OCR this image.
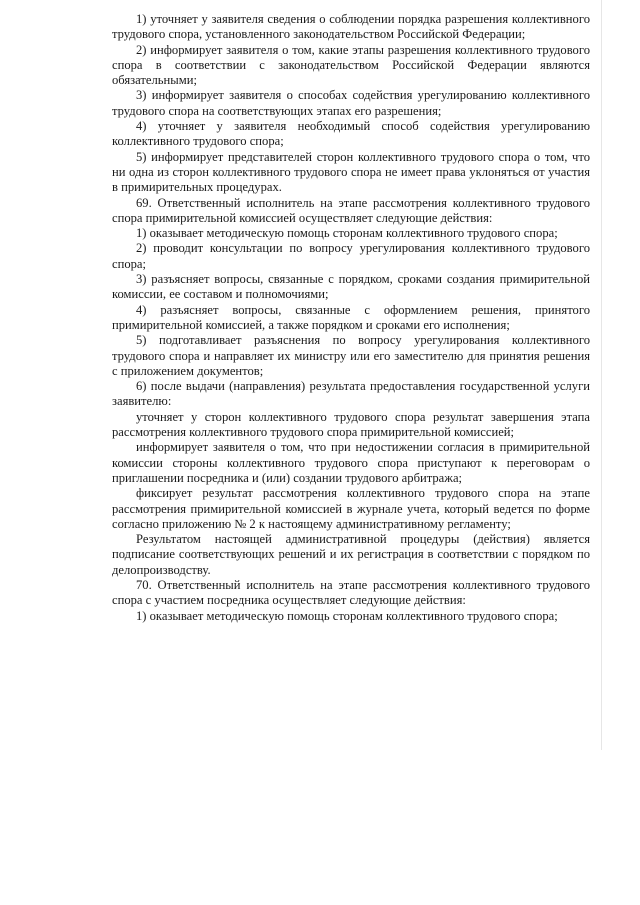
1) уточняет у заявителя сведения о соблюдении порядка разрешения коллективного трудового спора, установленного законодательством Российской Федерации;

2) информирует заявителя о том, какие этапы разрешения коллективного трудового спора в соответствии с законодательством Российской Федерации являются обязательными;

3) информирует заявителя о способах содействия урегулированию коллективного трудового спора на соответствующих этапах его разрешения;

4) уточняет у заявителя необходимый способ содействия урегулированию коллективного трудового спора;

5) информирует представителей сторон коллективного трудового спора о том, что ни одна из сторон коллективного трудового спора не имеет права уклоняться от участия в примирительных процедурах.

69. Ответственный исполнитель на этапе рассмотрения коллективного трудового спора примирительной комиссией осуществляет следующие действия:

1) оказывает методическую помощь сторонам коллективного трудового спора;

2) проводит консультации по вопросу урегулирования коллективного трудового спора;

3) разъясняет вопросы, связанные с порядком, сроками создания примирительной комиссии, ее составом и полномочиями;

4) разъясняет вопросы, связанные с оформлением решения, принятого примирительной комиссией, а также порядком и сроками его исполнения;

5) подготавливает разъяснения по вопросу урегулирования коллективного трудового спора и направляет их министру или его заместителю для принятия решения с приложением документов;

6) после выдачи (направления) результата предоставления государственной услуги заявителю:

уточняет у сторон коллективного трудового спора результат завершения этапа рассмотрения коллективного трудового спора примирительной комиссией;

информирует заявителя о том, что при недостижении согласия в примирительной комиссии стороны коллективного трудового спора приступают к переговорам о приглашении посредника и (или) создании трудового арбитража;

фиксирует результат рассмотрения коллективного трудового спора на этапе рассмотрения примирительной комиссией в журнале учета, который ведется по форме согласно приложению № 2 к настоящему административному регламенту;

Результатом настоящей административной процедуры (действия) является подписание соответствующих решений и их регистрация в соответствии с порядком по делопроизводству.

70. Ответственный исполнитель на этапе рассмотрения коллективного трудового спора с участием посредника осуществляет следующие действия:

1) оказывает методическую помощь сторонам коллективного трудового спора;
